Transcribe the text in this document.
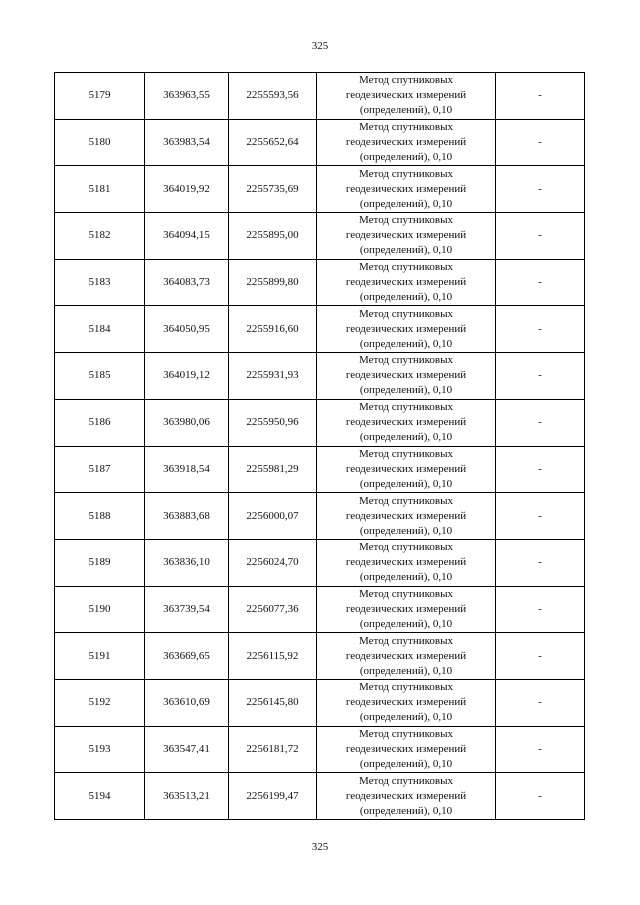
325
5179	363963,55	2255593,56	Метод спутниковых
геодезических измерений
(определений), 0,10	-
5180	363983,54	2255652,64	Метод спутниковых
геодезических измерений
(определений), 0,10	-
5181	364019,92	2255735,69	Метод спутниковых
геодезических измерений
(определений), 0,10	-
5182	364094,15	2255895,00	Метод спутниковых
геодезических измерений
(определений), 0,10	-
5183	364083,73	2255899,80	Метод спутниковых
геодезических измерений
(определений), 0,10	-
5184	364050,95	2255916,60	Метод спутниковых
геодезических измерений
(определений), 0,10	-
5185	364019,12	2255931,93	Метод спутниковых
геодезических измерений
(определений), 0,10	-
5186	363980,06	2255950,96	Метод спутниковых
геодезических измерений
(определений), 0,10	-
5187	363918,54	2255981,29	Метод спутниковых
геодезических измерений
(определений), 0,10	-
5188	363883,68	2256000,07	Метод спутниковых
геодезических измерений
(определений), 0,10	-
5189	363836,10	2256024,70	Метод спутниковых
геодезических измерений
(определений), 0,10	-
5190	363739,54	2256077,36	Метод спутниковых
геодезических измерений
(определений), 0,10	-
5191	363669,65	2256115,92	Метод спутниковых
геодезических измерений
(определений), 0,10	-
5192	363610,69	2256145,80	Метод спутниковых
геодезических измерений
(определений), 0,10	-
5193	363547,41	2256181,72	Метод спутниковых
геодезических измерений
(определений), 0,10	-
5194	363513,21	2256199,47	Метод спутниковых
геодезических измерений
(определений), 0,10	-
325
